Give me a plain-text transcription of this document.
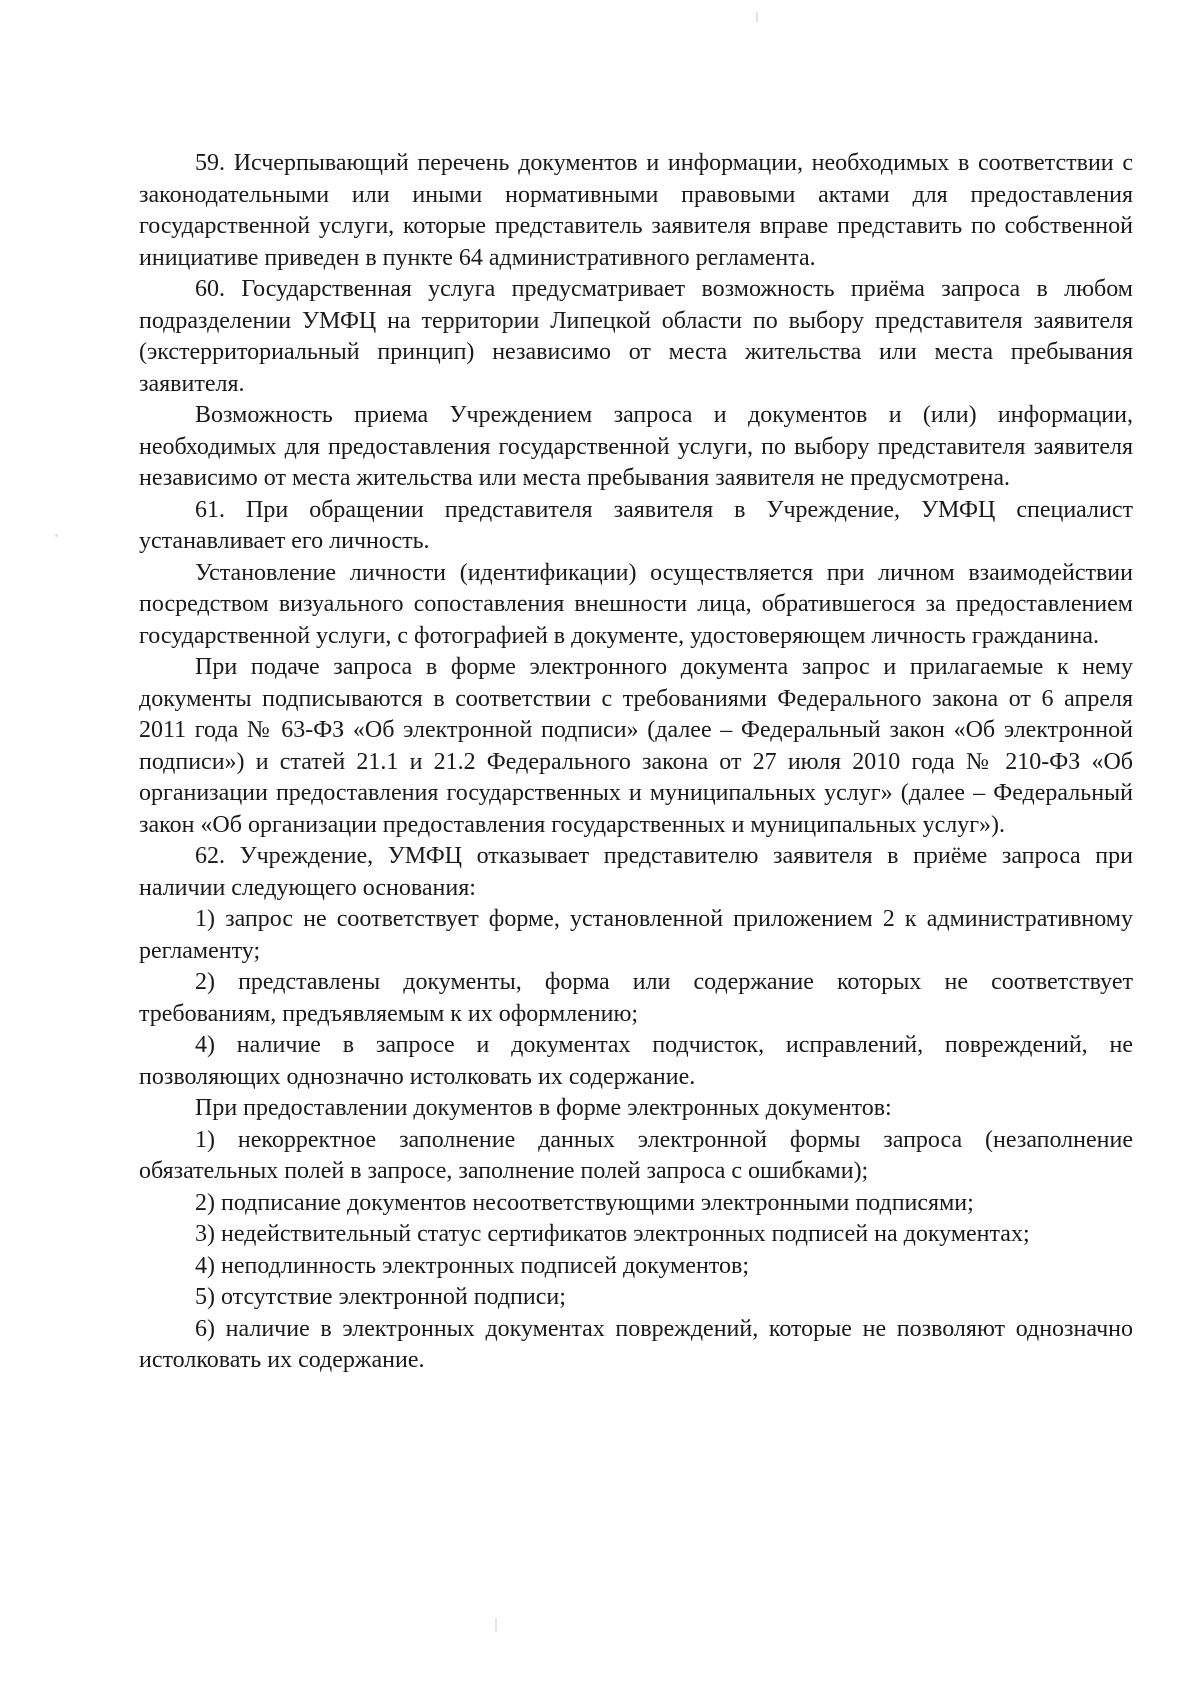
59. Исчерпывающий перечень документов и информации, необходимых в соответствии с законодательными или иными нормативными правовыми актами для предоставления государственной услуги, которые представитель заявителя вправе представить по собственной инициативе приведен в пункте 64 административного регламента.

60. Государственная услуга предусматривает возможность приёма запроса в любом подразделении УМФЦ на территории Липецкой области по выбору представителя заявителя (экстерриториальный принцип) независимо от места жительства или места пребывания заявителя.

Возможность приема Учреждением запроса и документов и (или) информации, необходимых для предоставления государственной услуги, по выбору представителя заявителя независимо от места жительства или места пребывания заявителя не предусмотрена.

61. При обращении представителя заявителя в Учреждение, УМФЦ специалист устанавливает его личность.

Установление личности (идентификации) осуществляется при личном взаимодействии посредством визуального сопоставления внешности лица, обратившегося за предоставлением государственной услуги, с фотографией в документе, удостоверяющем личность гражданина.

При подаче запроса в форме электронного документа запрос и прилагаемые к нему документы подписываются в соответствии с требованиями Федерального закона от 6 апреля 2011 года № 63-ФЗ «Об электронной подписи» (далее – Федеральный закон «Об электронной подписи») и статей 21.1 и 21.2 Федерального закона от 27 июля 2010 года № 210-ФЗ «Об организации предоставления государственных и муниципальных услуг» (далее – Федеральный закон «Об организации предоставления государственных и муниципальных услуг»).

62. Учреждение, УМФЦ отказывает представителю заявителя в приёме запроса при наличии следующего основания:

1) запрос не соответствует форме, установленной приложением 2 к административному регламенту;

2) представлены документы, форма или содержание которых не соответствует требованиям, предъявляемым к их оформлению;

4) наличие в запросе и документах подчисток, исправлений, повреждений, не позволяющих однозначно истолковать их содержание.

При предоставлении документов в форме электронных документов:

1) некорректное заполнение данных электронной формы запроса (незаполнение обязательных полей в запросе, заполнение полей запроса с ошибками);

2) подписание документов несоответствующими электронными подписями;

3) недействительный статус сертификатов электронных подписей на документах;

4) неподлинность электронных подписей документов;

5) отсутствие электронной подписи;

6) наличие в электронных документах повреждений, которые не позволяют однозначно истолковать их содержание.
